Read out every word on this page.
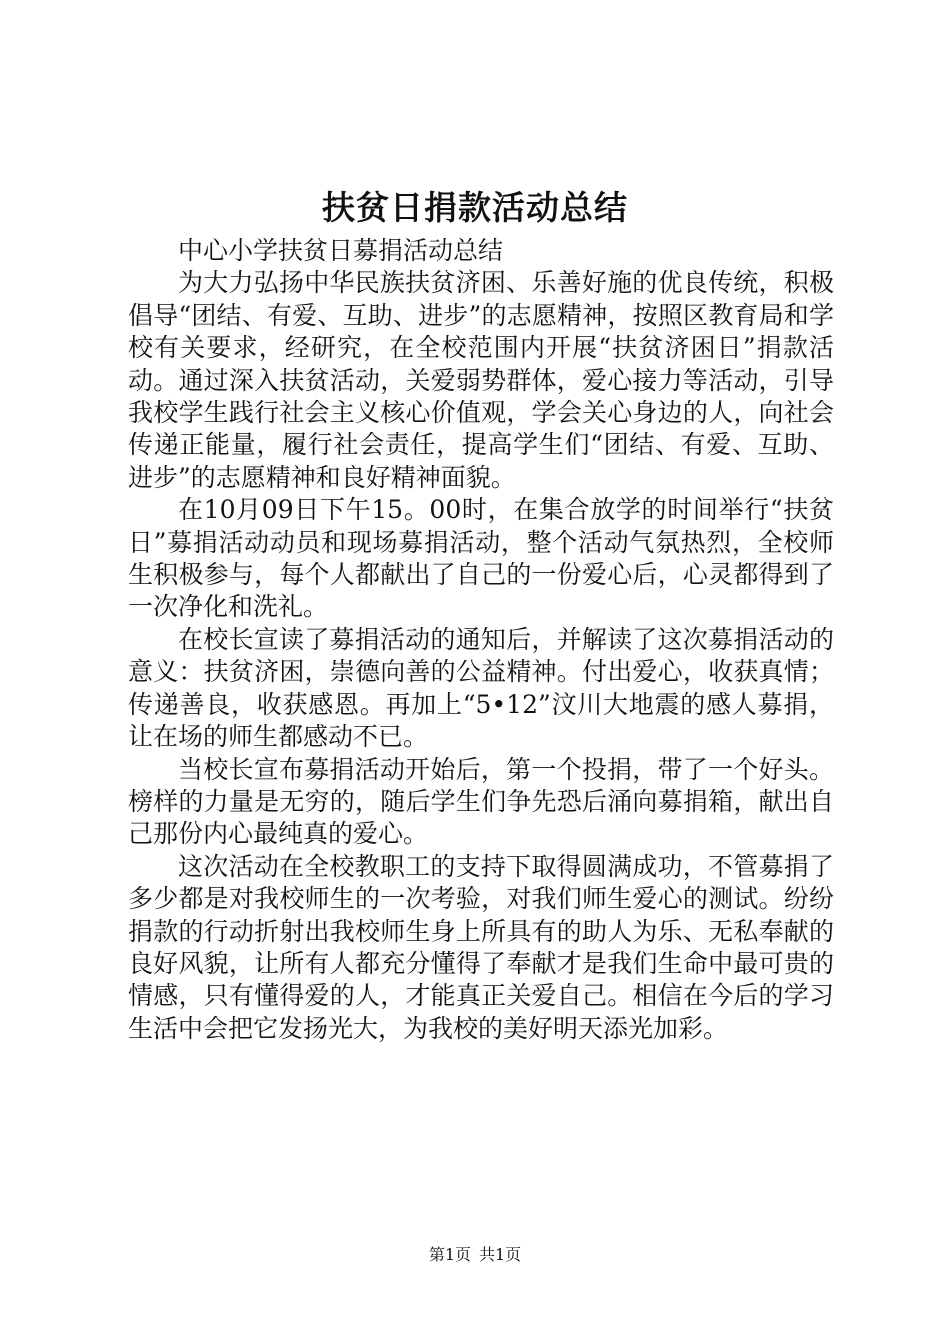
扶贫日捐款活动总结

中心小学扶贫日募捐活动总结

为大力弘扬中华民族扶贫济困、乐善好施的优良传统，积极倡导“团结、有爱、互助、进步”的志愿精神，按照区教育局和学校有关要求，经研究，在全校范围内开展“扶贫济困日”捐款活动。通过深入扶贫活动，关爱弱势群体，爱心接力等活动，引导我校学生践行社会主义核心价值观，学会关心身边的人，向社会传递正能量，履行社会责任，提高学生们“团结、有爱、互助、进步”的志愿精神和良好精神面貌。

在10月09日下午15。00时，在集合放学的时间举行“扶贫日”募捐活动动员和现场募捐活动，整个活动气氛热烈，全校师生积极参与，每个人都献出了自己的一份爱心后，心灵都得到了一次净化和洗礼。

在校长宣读了募捐活动的通知后，并解读了这次募捐活动的意义：扶贫济困，崇德向善的公益精神。付出爱心，收获真情；传递善良，收获感恩。再加上“5•12”汶川大地震的感人募捐，让在场的师生都感动不已。

当校长宣布募捐活动开始后，第一个投捐，带了一个好头。榜样的力量是无穷的，随后学生们争先恐后涌向募捐箱，献出自己那份内心最纯真的爱心。

这次活动在全校教职工的支持下取得圆满成功，不管募捐了多少都是对我校师生的一次考验，对我们师生爱心的测试。纷纷捐款的行动折射出我校师生身上所具有的助人为乐、无私奉献的良好风貌，让所有人都充分懂得了奉献才是我们生命中最可贵的情感，只有懂得爱的人，才能真正关爱自己。相信在今后的学习生活中会把它发扬光大，为我校的美好明天添光加彩。

第1页 共1页
